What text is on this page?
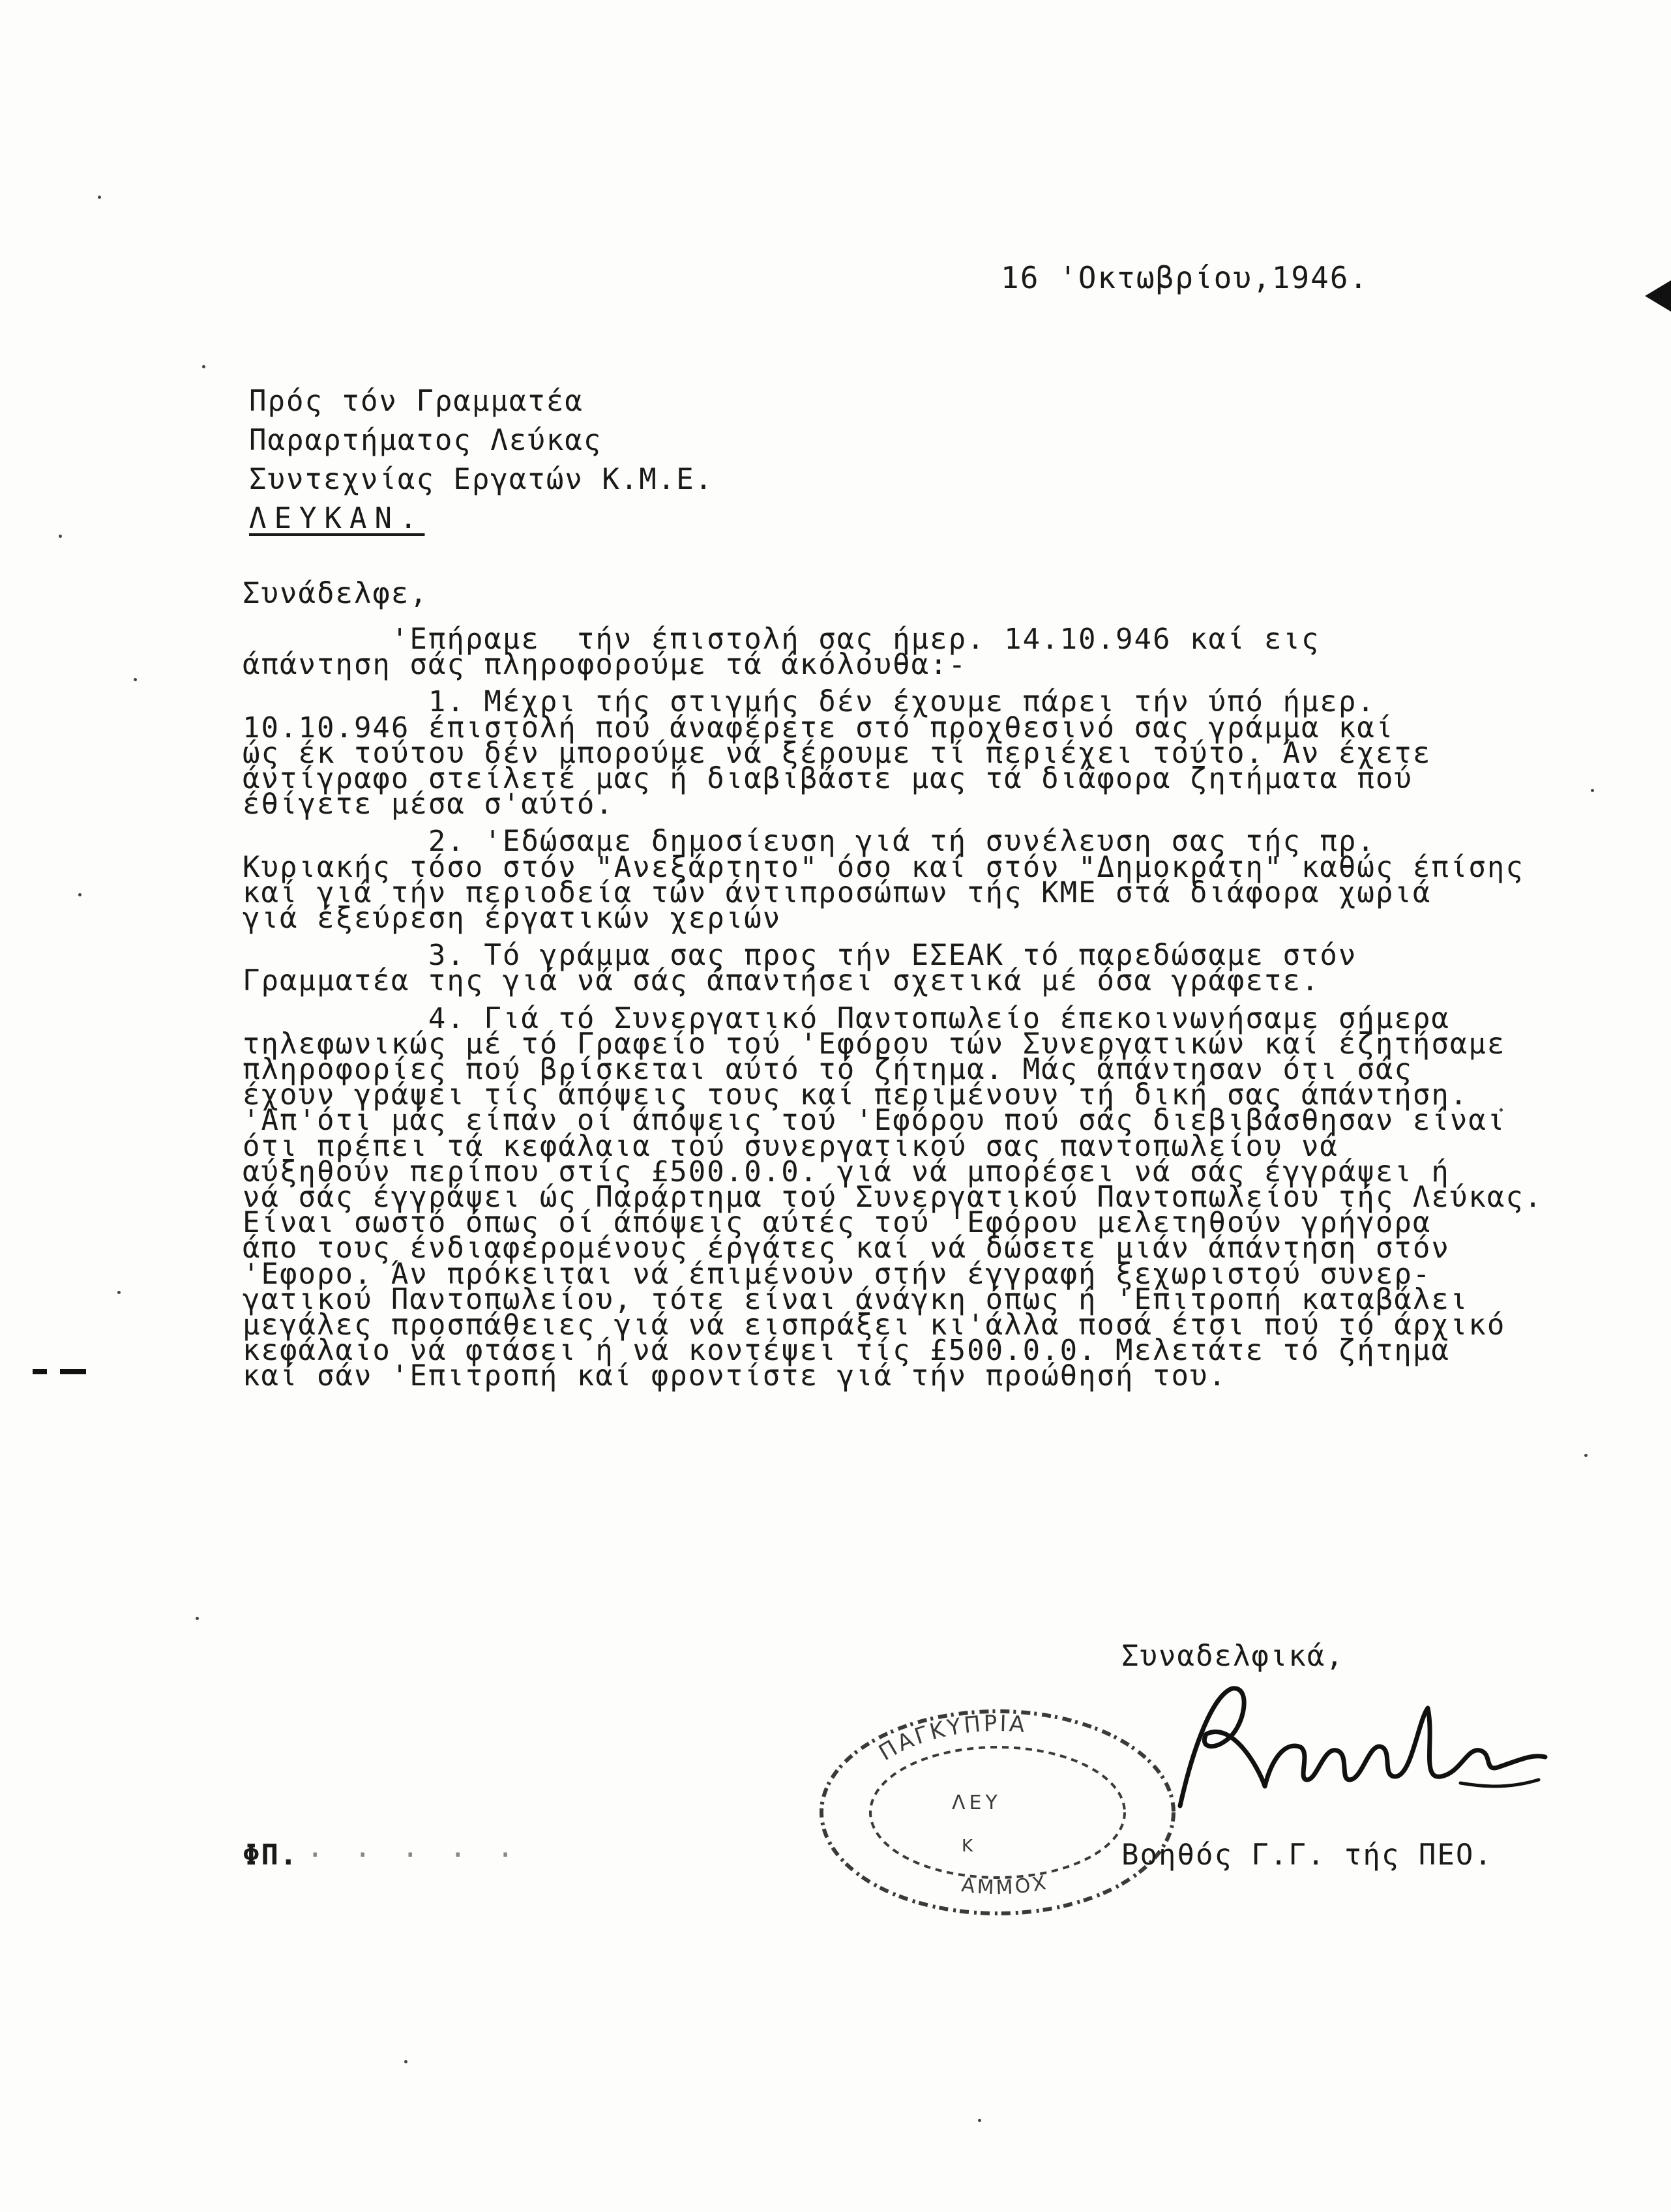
16 'Οκτωβρίου,1946.
Πρός τόν Γραμματέα
Παραρτήματος Λεύκας
Συντεχνίας Εργατών Κ.Μ.Ε.
ΛΕΥΚΑΝ.
Συνάδελφε,
'Επήραμε  τήν έπιστολή σας ήμερ. 14.10.946 καί εις
άπάντηση σάς πληροφορούμε τά άκόλουθα:-
1. Μέχρι τής στιγμής δέν έχουμε πάρει τήν ύπό ήμερ.
10.10.946 έπιστολή πού άναφέρετε στό προχθεσινό σας γράμμα καί
ώς έκ τούτου δέν μπορούμε νά ξέρουμε τί περιέχει τούτο. Άν έχετε
άντίγραφο στείλετέ μας ή διαβιβάστε μας τά διάφορα ζητήματα πού
έθίγετε μέσα σ'αύτό.
2. 'Εδώσαμε δημοσίευση γιά τή συνέλευση σας τής πρ.
Κυριακής τόσο στόν "Ανεξάρτητο" όσο καί στόν "Δημοκράτη" καθώς έπίσης
καί γιά τήν περιοδεία τών άντιπροσώπων τής ΚΜΕ στά διάφορα χωριά
γιά έξεύρεση έργατικών χεριών
3. Τό γράμμα σας προς τήν ΕΣΕΑΚ τό παρεδώσαμε στόν
Γραμματέα της γιά νά σάς άπαντήσει σχετικά μέ όσα γράφετε.
4. Γιά τό Συνεργατικό Παντοπωλείο έπεκοινωνήσαμε σήμερα
τηλεφωνικώς μέ τό Γραφείο τού 'Εφόρου τών Συνεργατικών καί έζητήσαμε
πληροφορίες πού βρίσκεται αύτό τό ζήτημα. Μάς άπάντησαν ότι σάς
έχουν γράψει τίς άπόψεις τους καί περιμένουν τή δική σας άπάντηση.
'Απ'ότι μάς είπαν οί άπόψεις τού 'Εφόρου πού σάς διεβιβάσθησαν είναι
ότι πρέπει τά κεφάλαια τού συνεργατικού σας παντοπωλείου νά
αύξηθούν περίπου στίς £500.0.0. γιά νά μπορέσει νά σάς έγγράψει ή
νά σάς έγγράψει ώς Παράρτημα τού Συνεργατικού Παντοπωλείου τής Λεύκας.
Είναι σωστό όπως οί άπόψεις αύτές τού 'Εφόρου μελετηθούν γρήγορα
άπο τους ένδιαφερομένους έργάτες καί νά δώσετε μιάν άπάντηση στόν
'Εφορο. Άν πρόκειται νά έπιμένουν στήν έγγραφή ξεχωριστού συνερ-
γατικού Παντοπωλείου, τότε είναι άνάγκη όπως ή 'Επιτροπή καταβάλει
μεγάλες προσπάθειες γιά νά εισπράξει κι'άλλα ποσά έτσι πού τό άρχικό
κεφάλαιο νά φτάσει ή νά κοντέψει τίς £500.0.0. Μελετάτε τό ζήτημα
καί σάν 'Επιτροπή καί φροντίστε γιά τήν προώθησή του.
Συναδελφικά,
ΠΑΓΚΥΠΡΙΑ
ΛΕΥ
Κ
ΑΜΜΟΧ
ΦΠ. · · · · ·	Βοηθός Γ.Γ. τής ΠΕΟ.
